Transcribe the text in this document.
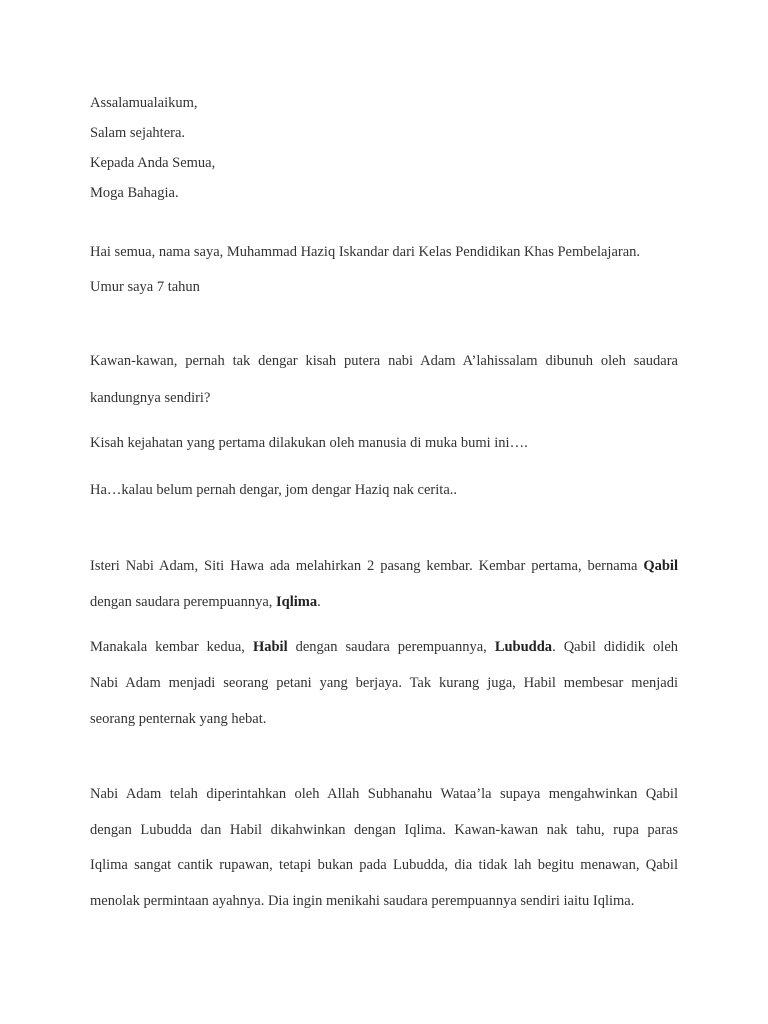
Assalamualaikum,

Salam sejahtera.

Kepada Anda Semua,

Moga Bahagia.

Hai semua, nama saya, Muhammad Haziq Iskandar dari Kelas Pendidikan Khas Pembelajaran.

Umur saya 7 tahun

Kawan-kawan, pernah tak dengar kisah putera nabi Adam A’lahissalam dibunuh oleh saudara

kandungnya sendiri?

Kisah kejahatan yang pertama dilakukan oleh manusia di muka bumi ini….

Ha…kalau belum pernah dengar, jom dengar Haziq nak cerita..

Isteri Nabi Adam, Siti Hawa ada melahirkan 2 pasang kembar. Kembar pertama, bernama Qabil

dengan saudara perempuannya, Iqlima.

Manakala kembar kedua, Habil dengan saudara perempuannya, Lubudda. Qabil dididik oleh

Nabi Adam menjadi seorang petani yang berjaya. Tak kurang juga, Habil membesar menjadi

seorang penternak yang hebat.

Nabi Adam telah diperintahkan oleh Allah Subhanahu Wataa’la supaya mengahwinkan Qabil

dengan Lubudda dan Habil dikahwinkan dengan Iqlima. Kawan-kawan nak tahu, rupa paras

Iqlima sangat cantik rupawan, tetapi bukan pada Lubudda, dia tidak lah begitu menawan, Qabil

menolak permintaan ayahnya. Dia ingin menikahi saudara perempuannya sendiri iaitu Iqlima.
